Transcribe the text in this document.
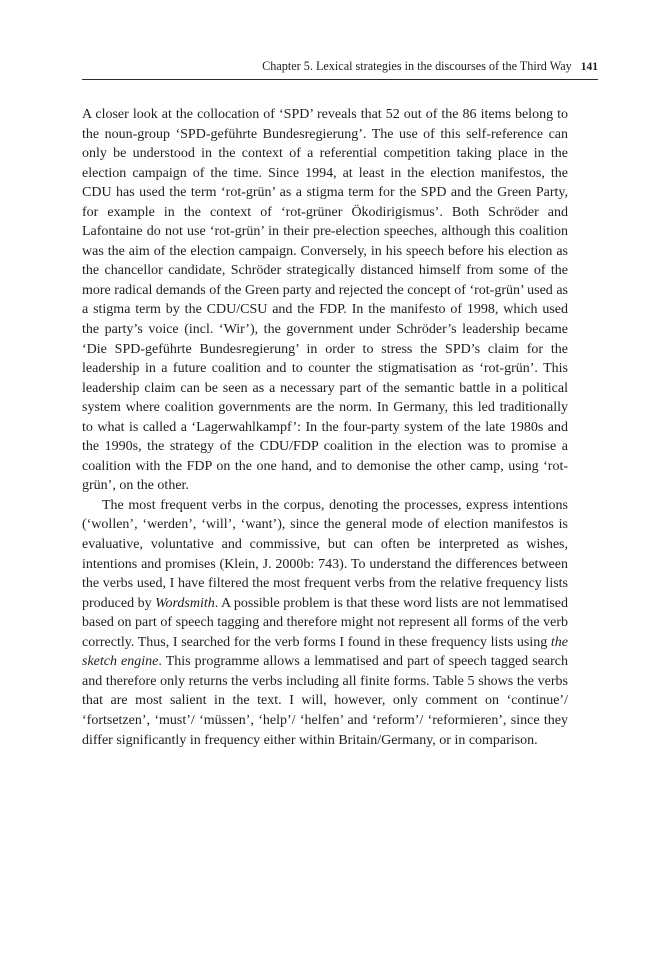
Chapter 5. Lexical strategies in the discourses of the Third Way 141

A closer look at the collocation of ‘SPD’ reveals that 52 out of the 86 items belong to the noun-group ‘SPD-geführte Bundesregierung’. The use of this self-reference can only be understood in the context of a referential competition taking place in the election campaign of the time. Since 1994, at least in the election manifestos, the CDU has used the term ‘rot-grün’ as a stigma term for the SPD and the Green Party, for example in the context of ‘rot-grüner Ökodirigismus’. Both Schröder and Lafontaine do not use ‘rot-grün’ in their pre-election speeches, although this coalition was the aim of the election campaign. Conversely, in his speech before his election as the chancellor candidate, Schröder strategically distanced himself from some of the more radical demands of the Green party and rejected the concept of ‘rot-grün’ used as a stigma term by the CDU/CSU and the FDP. In the manifesto of 1998, which used the party’s voice (incl. ‘Wir’), the government under Schröder’s leadership became ‘Die SPD-geführte Bundesregierung’ in order to stress the SPD’s claim for the leadership in a future coalition and to counter the stigmatisation as ‘rot-grün’. This leadership claim can be seen as a necessary part of the semantic battle in a political system where coalition governments are the norm. In Germany, this led traditionally to what is called a ‘Lagerwahlkampf’: In the four-party system of the late 1980s and the 1990s, the strategy of the CDU/FDP coalition in the election was to promise a coalition with the FDP on the one hand, and to demonise the other camp, using ‘rot-grün’, on the other.

The most frequent verbs in the corpus, denoting the processes, express intentions (‘wollen’, ‘werden’, ‘will’, ‘want’), since the general mode of election manifestos is evaluative, voluntative and commissive, but can often be interpreted as wishes, intentions and promises (Klein, J. 2000b: 743). To understand the differences between the verbs used, I have filtered the most frequent verbs from the relative frequency lists produced by Wordsmith. A possible problem is that these word lists are not lemmatised based on part of speech tagging and therefore might not represent all forms of the verb correctly. Thus, I searched for the verb forms I found in these frequency lists using the sketch engine. This programme allows a lemmatised and part of speech tagged search and therefore only returns the verbs including all finite forms. Table 5 shows the verbs that are most salient in the text. I will, however, only comment on ‘continue’/ ‘fortsetzen’, ‘must’/ ‘müssen’, ‘help’/ ‘helfen’ and ‘reform’/ ‘reformieren’, since they differ significantly in frequency either within Britain/Germany, or in comparison.
